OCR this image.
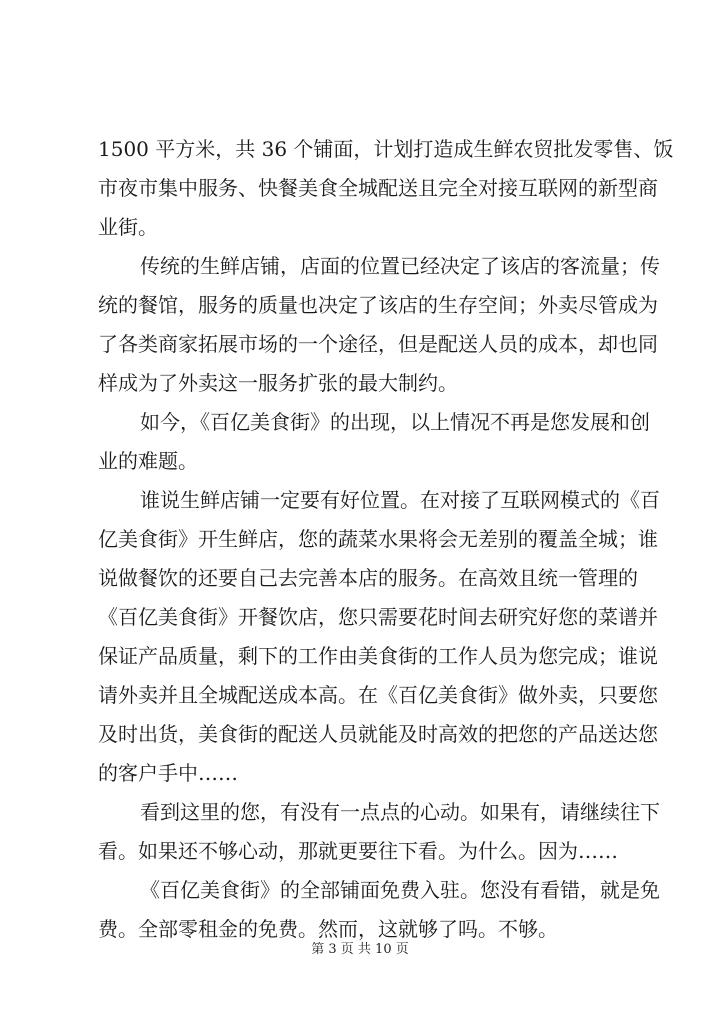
1500 平方米，共 36 个铺面，计划打造成生鲜农贸批发零售、饭
市夜市集中服务、快餐美食全城配送且完全对接互联网的新型商
业街。
传统的生鲜店铺，店面的位置已经决定了该店的客流量；传
统的餐馆，服务的质量也决定了该店的生存空间；外卖尽管成为
了各类商家拓展市场的一个途径，但是配送人员的成本，却也同
样成为了外卖这一服务扩张的最大制约。
如今，《百亿美食街》的出现，以上情况不再是您发展和创
业的难题。
谁说生鲜店铺一定要有好位置。在对接了互联网模式的《百
亿美食街》开生鲜店，您的蔬菜水果将会无差别的覆盖全城；谁
说做餐饮的还要自己去完善本店的服务。在高效且统一管理的
《百亿美食街》开餐饮店，您只需要花时间去研究好您的菜谱并
保证产品质量，剩下的工作由美食街的工作人员为您完成；谁说
请外卖并且全城配送成本高。在《百亿美食街》做外卖，只要您
及时出货，美食街的配送人员就能及时高效的把您的产品送达您
的客户手中……
看到这里的您，有没有一点点的心动。如果有，请继续往下
看。如果还不够心动，那就更要往下看。为什么。因为……
《百亿美食街》的全部铺面免费入驻。您没有看错，就是免
费。全部零租金的免费。然而，这就够了吗。不够。
第 3 页 共 10 页
